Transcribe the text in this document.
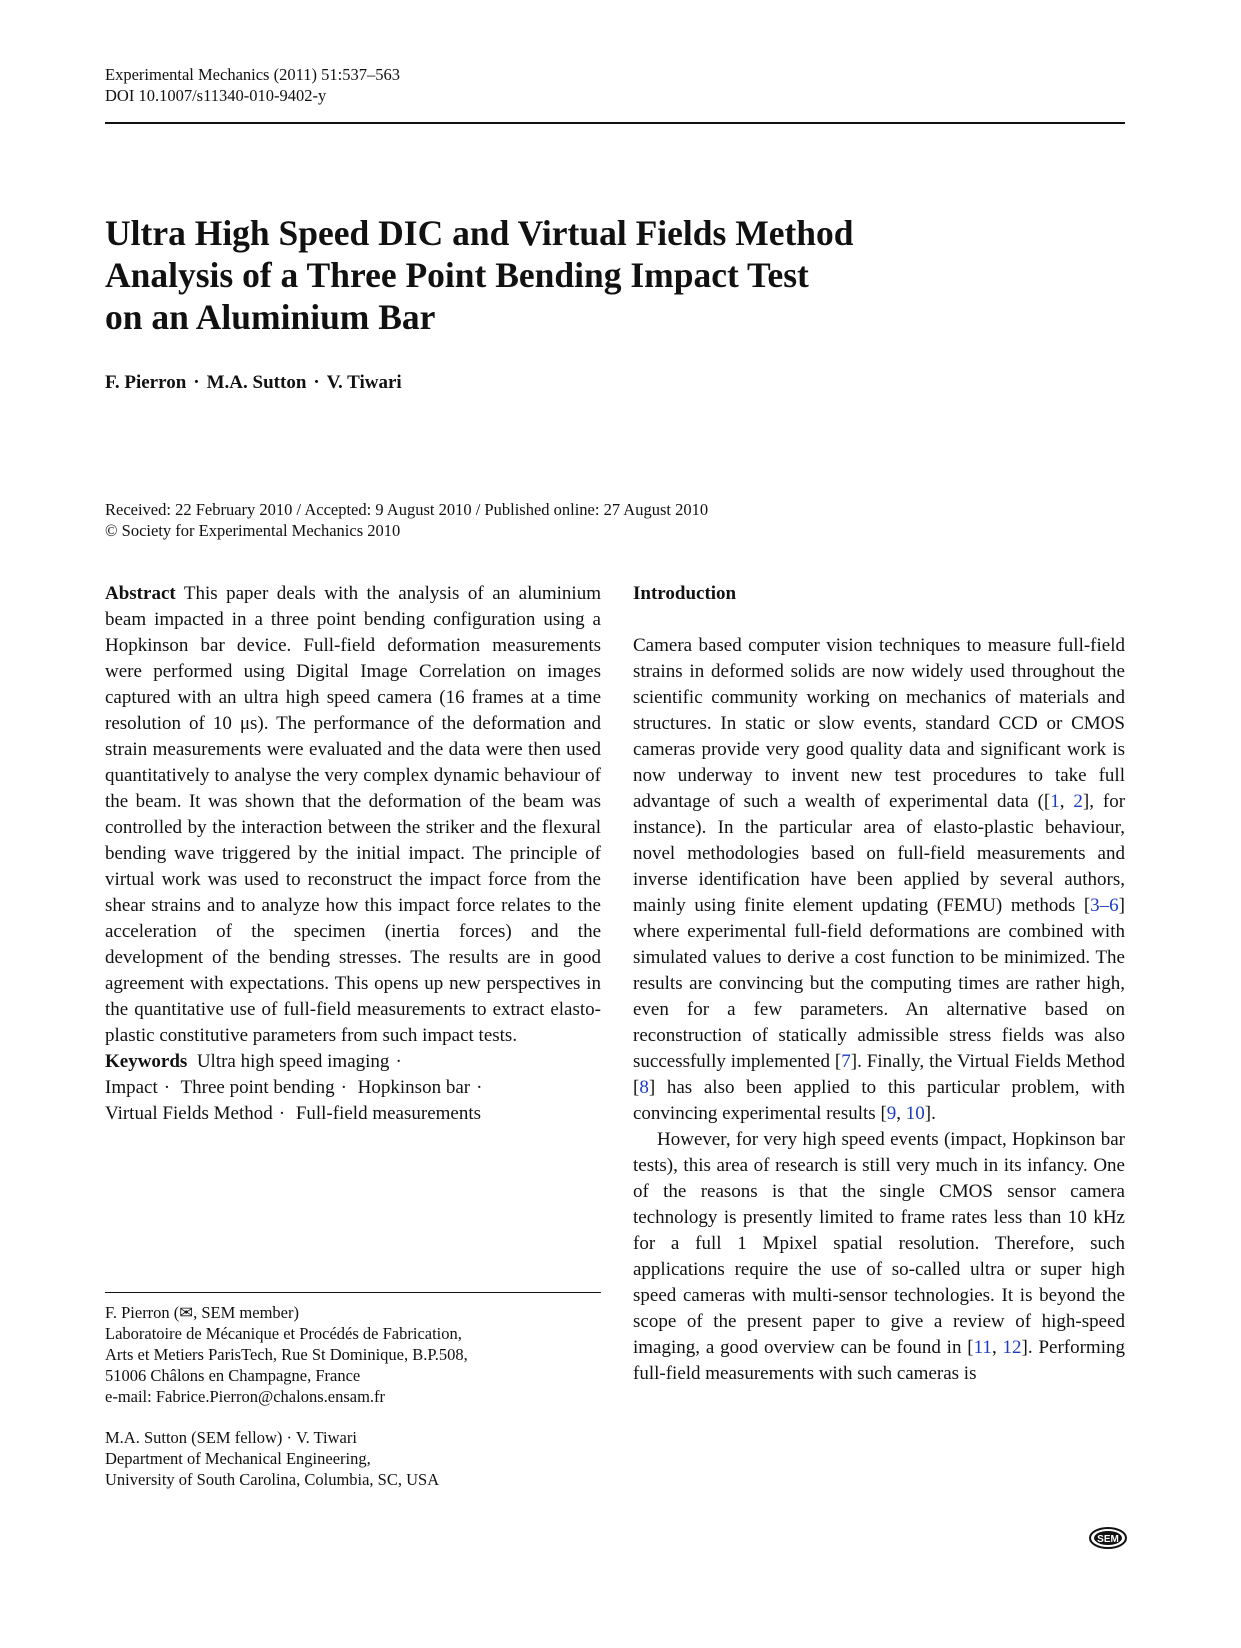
Experimental Mechanics (2011) 51:537–563
DOI 10.1007/s11340-010-9402-y
Ultra High Speed DIC and Virtual Fields Method
Analysis of a Three Point Bending Impact Test
on an Aluminium Bar
F. Pierron · M.A. Sutton · V. Tiwari
Received: 22 February 2010 / Accepted: 9 August 2010 / Published online: 27 August 2010
© Society for Experimental Mechanics 2010

Abstract This paper deals with the analysis of an aluminium beam impacted in a three point bending configuration using a Hopkinson bar device. Full-field deformation measurements were performed using Digital Image Correlation on images captured with an ultra high speed camera (16 frames at a time resolution of 10 μs). The performance of the deformation and strain measurements were evaluated and the data were then used quantitatively to analyse the very complex dynamic behaviour of the beam. It was shown that the deformation of the beam was controlled by the interaction between the striker and the flexural bending wave triggered by the initial impact. The principle of virtual work was used to reconstruct the impact force from the shear strains and to analyze how this impact force relates to the acceleration of the specimen (inertia forces) and the development of the bending stresses. The results are in good agreement with expectations. This opens up new perspectives in the quantitative use of full-field measurements to extract elasto-plastic constitutive parameters from such impact tests.

Keywords Ultra high speed imaging ·
Impact · Three point bending · Hopkinson bar ·
Virtual Fields Method · Full-field measurements

F. Pierron (✉, SEM member)
Laboratoire de Mécanique et Procédés de Fabrication,
Arts et Metiers ParisTech, Rue St Dominique, B.P.508,
51006 Châlons en Champagne, France
e-mail: Fabrice.Pierron@chalons.ensam.fr
M.A. Sutton (SEM fellow) · V. Tiwari
Department of Mechanical Engineering,
University of South Carolina, Columbia, SC, USA
Introduction

Camera based computer vision techniques to measure full-field strains in deformed solids are now widely used throughout the scientific community working on mechanics of materials and structures. In static or slow events, standard CCD or CMOS cameras provide very good quality data and significant work is now underway to invent new test procedures to take full advantage of such a wealth of experimental data ([1, 2], for instance). In the particular area of elasto-plastic behaviour, novel methodologies based on full-field measurements and inverse identification have been applied by several authors, mainly using finite element updating (FEMU) methods [3–6] where experimental full-field deformations are combined with simulated values to derive a cost function to be minimized. The results are convincing but the computing times are rather high, even for a few parameters. An alternative based on reconstruction of statically admissible stress fields was also successfully implemented [7]. Finally, the Virtual Fields Method [8] has also been applied to this particular problem, with convincing experimental results [9, 10].

However, for very high speed events (impact, Hopkinson bar tests), this area of research is still very much in its infancy. One of the reasons is that the single CMOS sensor camera technology is presently limited to frame rates less than 10 kHz for a full 1 Mpixel spatial resolution. Therefore, such applications require the use of so-called ultra or super high speed cameras with multi-sensor technologies. It is beyond the scope of the present paper to give a review of high-speed imaging, a good overview can be found in [11, 12]. Performing full-field measurements with such cameras is

SEM
